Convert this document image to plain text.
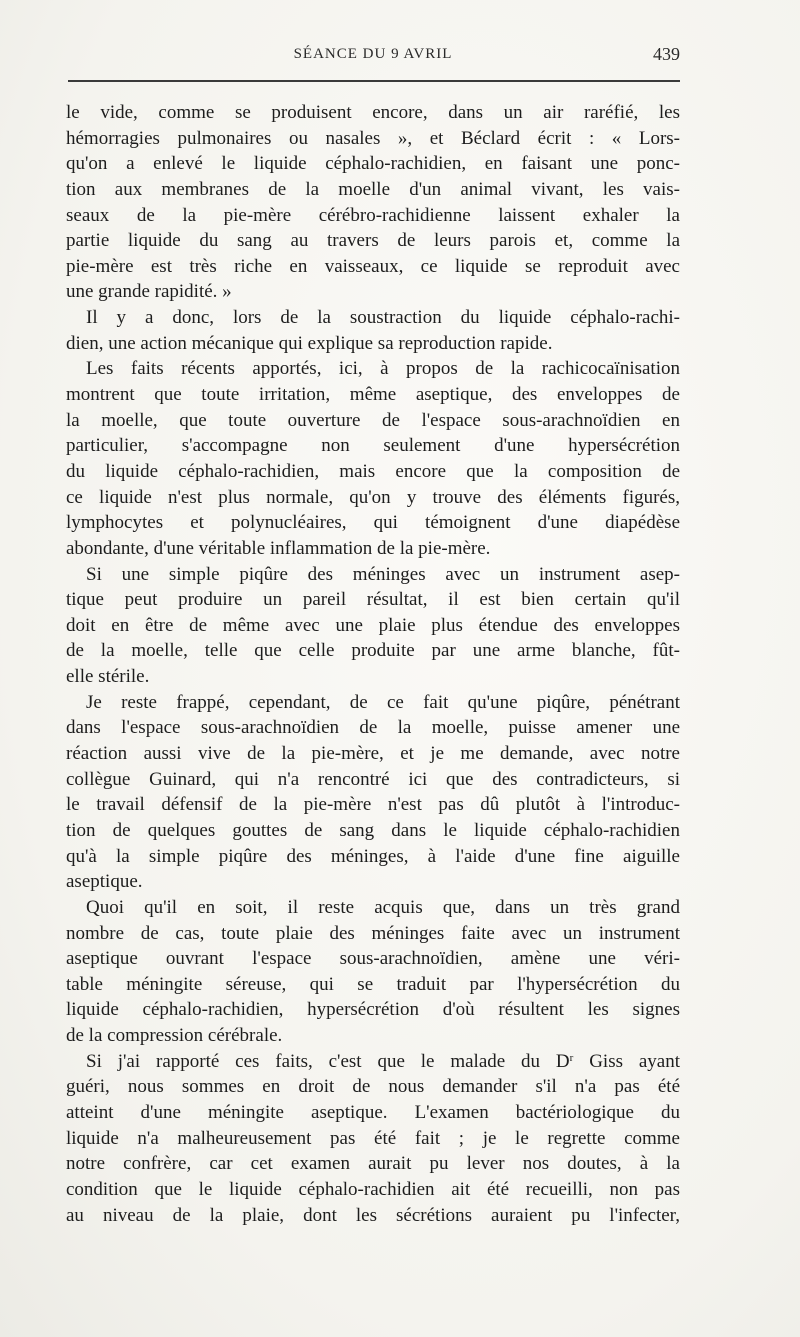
SÉANCE DU 9 AVRIL	439
le vide, comme se produisent encore, dans un air raréfié, les
hémorragies pulmonaires ou nasales », et Béclard écrit : « Lors-
qu'on a enlevé le liquide céphalo-rachidien, en faisant une ponc-
tion aux membranes de la moelle d'un animal vivant, les vais-
seaux de la pie-mère cérébro-rachidienne laissent exhaler la
partie liquide du sang au travers de leurs parois et, comme la
pie-mère est très riche en vaisseaux, ce liquide se reproduit avec
une grande rapidité. »
Il y a donc, lors de la soustraction du liquide céphalo-rachi-
dien, une action mécanique qui explique sa reproduction rapide.
Les faits récents apportés, ici, à propos de la rachicocaïnisation
montrent que toute irritation, même aseptique, des enveloppes de
la moelle, que toute ouverture de l'espace sous-arachnoïdien en
particulier, s'accompagne non seulement d'une hypersécrétion
du liquide céphalo-rachidien, mais encore que la composition de
ce liquide n'est plus normale, qu'on y trouve des éléments figurés,
lymphocytes et polynucléaires, qui témoignent d'une diapédèse
abondante, d'une véritable inflammation de la pie-mère.
Si une simple piqûre des méninges avec un instrument asep-
tique peut produire un pareil résultat, il est bien certain qu'il
doit en être de même avec une plaie plus étendue des enveloppes
de la moelle, telle que celle produite par une arme blanche, fût-
elle stérile.
Je reste frappé, cependant, de ce fait qu'une piqûre, pénétrant
dans l'espace sous-arachnoïdien de la moelle, puisse amener une
réaction aussi vive de la pie-mère, et je me demande, avec notre
collègue Guinard, qui n'a rencontré ici que des contradicteurs, si
le travail défensif de la pie-mère n'est pas dû plutôt à l'introduc-
tion de quelques gouttes de sang dans le liquide céphalo-rachidien
qu'à la simple piqûre des méninges, à l'aide d'une fine aiguille
aseptique.
Quoi qu'il en soit, il reste acquis que, dans un très grand
nombre de cas, toute plaie des méninges faite avec un instrument
aseptique ouvrant l'espace sous-arachnoïdien, amène une véri-
table méningite séreuse, qui se traduit par l'hypersécrétion du
liquide céphalo-rachidien, hypersécrétion d'où résultent les signes
de la compression cérébrale.
Si j'ai rapporté ces faits, c'est que le malade du $D^r$ Giss ayant
guéri, nous sommes en droit de nous demander s'il n'a pas été
atteint d'une méningite aseptique. L'examen bactériologique du
liquide n'a malheureusement pas été fait ; je le regrette comme
notre confrère, car cet examen aurait pu lever nos doutes, à la
condition que le liquide céphalo-rachidien ait été recueilli, non pas
au niveau de la plaie, dont les sécrétions auraient pu l'infecter,
